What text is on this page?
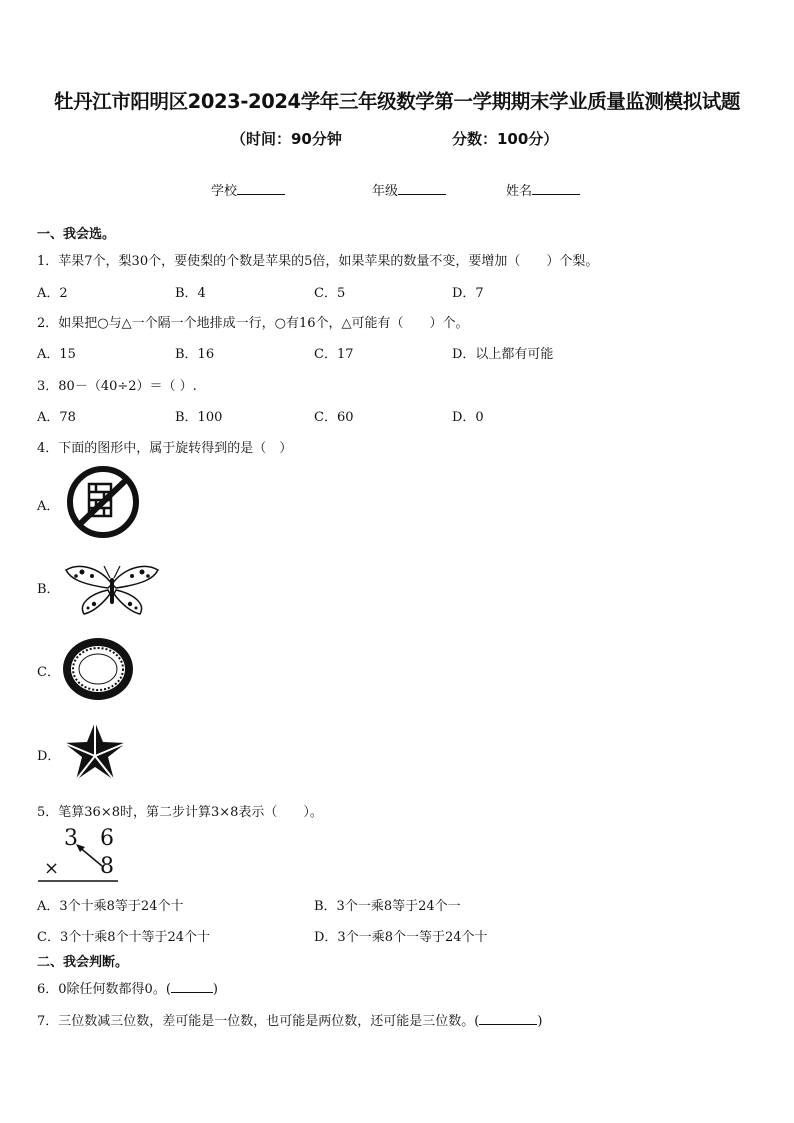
牡丹江市阳明区2023-2024学年三年级数学第一学期期末学业质量监测模拟试题
（时间：90分钟	分数：100分）
学校	年级	姓名
一、我会选。
1．苹果7个，梨30个，要使梨的个数是苹果的5倍，如果苹果的数量不变，要增加（　　）个梨。
A．2	B．4	C．5	D．7
2．如果把○与△一个隔一个地排成一行，○有16个，△可能有（　　）个。
A．15	B．16	C．17	D．以上都有可能
3．80－（40÷2）＝（ ）.
A．78	B．100	C．60	D．0
4．下面的图形中，属于旋转得到的是（　）
A．
B．
C．
D．
5．笔算36×8时，第二步计算3×8表示（　　）。
3 6
× 8
A．3个十乘8等于24个十	B．3个一乘8等于24个一
C．3个十乘8个十等于24个十	D．3个一乘8个一等于24个十
二、我会判断。
6．0除任何数都得0。(	)
7．三位数减三位数，差可能是一位数，也可能是两位数，还可能是三位数。(	)
